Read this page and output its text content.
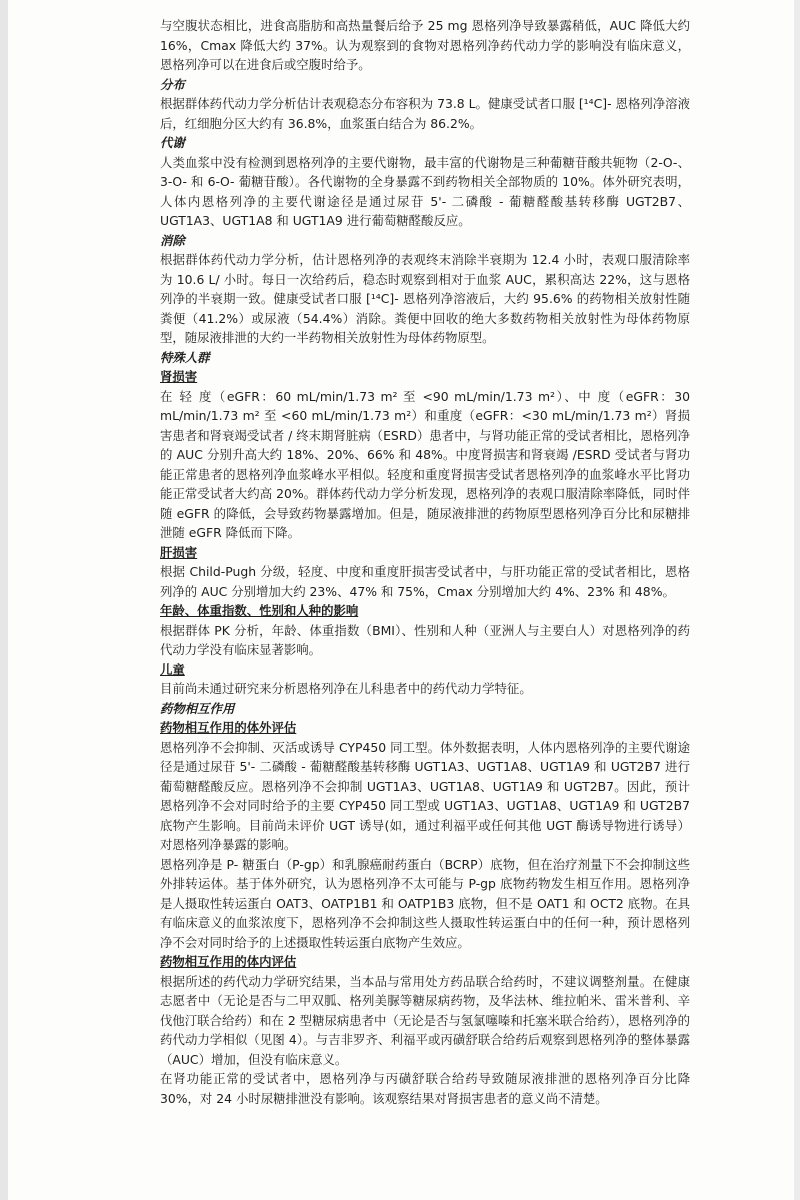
与空腹状态相比，进食高脂肪和高热量餐后给予 25 mg 恩格列净导致暴露稍低，AUC 降低大约 16%，Cmax 降低大约 37%。认为观察到的食物对恩格列净药代动力学的影响没有临床意义，恩格列净可以在进食后或空腹时给予。

分布

根据群体药代动力学分析估计表观稳态分布容积为 73.8 L。健康受试者口服 [¹⁴C]- 恩格列净溶液后，红细胞分区大约有 36.8%，血浆蛋白结合为 86.2%。

代谢

人类血浆中没有检测到恩格列净的主要代谢物，最丰富的代谢物是三种葡糖苷酸共轭物（2-O-、3-O- 和 6-O- 葡糖苷酸）。各代谢物的全身暴露不到药物相关全部物质的 10%。体外研究表明，人体内恩格列净的主要代谢途径是通过尿苷 5'- 二磷酸 - 葡糖醛酸基转移酶 UGT2B7、UGT1A3、UGT1A8 和 UGT1A9 进行葡萄糖醛酸反应。

消除

根据群体药代动力学分析，估计恩格列净的表观终末消除半衰期为 12.4 小时，表观口服清除率为 10.6 L/ 小时。每日一次给药后，稳态时观察到相对于血浆 AUC，累积高达 22%，这与恩格列净的半衰期一致。健康受试者口服 [¹⁴C]- 恩格列净溶液后，大约 95.6% 的药物相关放射性随粪便（41.2%）或尿液（54.4%）消除。粪便中回收的绝大多数药物相关放射性为母体药物原型，随尿液排泄的大约一半药物相关放射性为母体药物原型。

特殊人群

肾损害

在 轻 度（eGFR：60 mL/min/1.73 m² 至 <90 mL/min/1.73 m²）、中 度（eGFR：30 mL/min/1.73 m² 至 <60 mL/min/1.73 m²）和重度（eGFR：<30 mL/min/1.73 m²）肾损害患者和肾衰竭受试者 / 终末期肾脏病（ESRD）患者中，与肾功能正常的受试者相比，恩格列净的 AUC 分别升高大约 18%、20%、66% 和 48%。中度肾损害和肾衰竭 /ESRD 受试者与肾功能正常患者的恩格列净血浆峰水平相似。轻度和重度肾损害受试者恩格列净的血浆峰水平比肾功能正常受试者大约高 20%。群体药代动力学分析发现，恩格列净的表观口服清除率降低，同时伴随 eGFR 的降低，会导致药物暴露增加。但是，随尿液排泄的药物原型恩格列净百分比和尿糖排泄随 eGFR 降低而下降。

肝损害

根据 Child-Pugh 分级，轻度、中度和重度肝损害受试者中，与肝功能正常的受试者相比，恩格列净的 AUC 分别增加大约 23%、47% 和 75%，Cmax 分别增加大约 4%、23% 和 48%。

年龄、体重指数、性别和人种的影响

根据群体 PK 分析，年龄、体重指数（BMI）、性别和人种（亚洲人与主要白人）对恩格列净的药代动力学没有临床显著影响。

儿童

目前尚未通过研究来分析恩格列净在儿科患者中的药代动力学特征。

药物相互作用

药物相互作用的体外评估

恩格列净不会抑制、灭活或诱导 CYP450 同工型。体外数据表明，人体内恩格列净的主要代谢途径是通过尿苷 5'- 二磷酸 - 葡糖醛酸基转移酶 UGT1A3、UGT1A8、UGT1A9 和 UGT2B7 进行葡萄糖醛酸反应。恩格列净不会抑制 UGT1A3、UGT1A8、UGT1A9 和 UGT2B7。因此，预计恩格列净不会对同时给予的主要 CYP450 同工型或 UGT1A3、UGT1A8、UGT1A9 和 UGT2B7 底物产生影响。目前尚未评价 UGT 诱导(如，通过利福平或任何其他 UGT 酶诱导物进行诱导）对恩格列净暴露的影响。

恩格列净是 P- 糖蛋白（P-gp）和乳腺癌耐药蛋白（BCRP）底物，但在治疗剂量下不会抑制这些外排转运体。基于体外研究，认为恩格列净不太可能与 P-gp 底物药物发生相互作用。恩格列净是人摄取性转运蛋白 OAT3、OATP1B1 和 OATP1B3 底物，但不是 OAT1 和 OCT2 底物。在具有临床意义的血浆浓度下，恩格列净不会抑制这些人摄取性转运蛋白中的任何一种，预计恩格列净不会对同时给予的上述摄取性转运蛋白底物产生效应。

药物相互作用的体内评估

根据所述的药代动力学研究结果，当本品与常用处方药品联合给药时，不建议调整剂量。在健康志愿者中（无论是否与二甲双胍、格列美脲等糖尿病药物，及华法林、维拉帕米、雷米普利、辛伐他汀联合给药）和在 2 型糖尿病患者中（无论是否与氢氯噻嗪和托塞米联合给药），恩格列净的药代动力学相似（见图 4）。与吉非罗齐、利福平或丙磺舒联合给药后观察到恩格列净的整体暴露（AUC）增加，但没有临床意义。

在肾功能正常的受试者中，恩格列净与丙磺舒联合给药导致随尿液排泄的恩格列净百分比降 30%，对 24 小时尿糖排泄没有影响。该观察结果对肾损害患者的意义尚不清楚。
